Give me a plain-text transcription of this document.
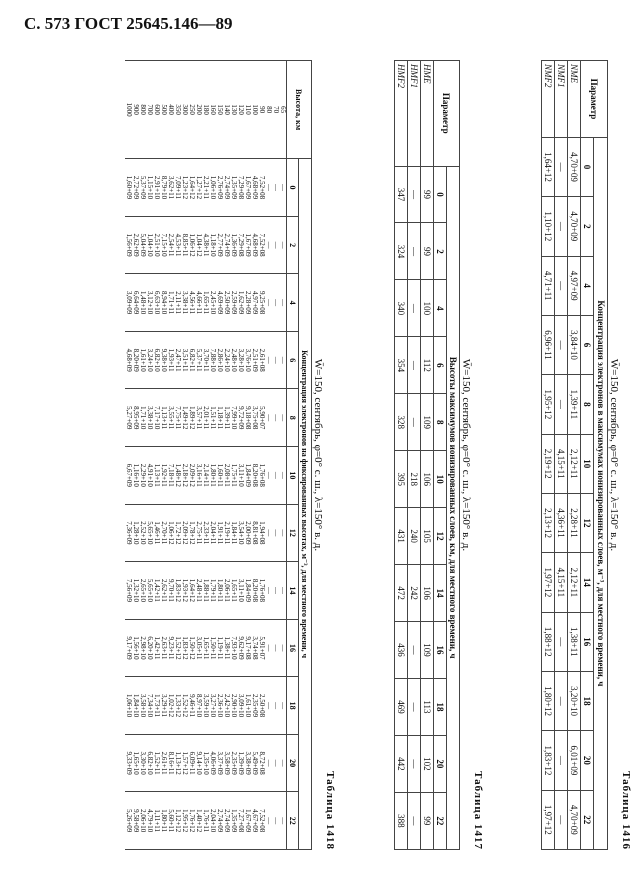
С. 573 ГОСТ 25645.146—89
Таблица 1416
W̄=150, сентябрь, φ=0° с. ш., λ=150° в. д.
Параметр	Концентрация электронов в максимумах ионизированных слоев, м⁻³, для местного времени, ч											
	0	2	4	6	8	10	12	14	16	18	20	22
NME	4,70+09	4,70+09	4,97+09	3,84+10	1,39+11	2,12+11	2,28+11	2,12+11	1,38+11	3,20+10	6,01+09	4,70+09
NMF1	—	—	—	—	—	4,15+11	4,36+11	4,15+11	—	—	—	—
NMF2	1,64+12	1,10+12	4,71+11	6,96+11	1,95+12	2,19+12	2,13+12	1,97+12	1,88+12	1,80+12	1,83+12	1,97+12
Таблица 1417
W̄=150, сентябрь, φ=0° с. ш., λ=150° в. д.
Параметр	Высоты максимумов ионизированных слоев, км, для местного времени, ч											
	0	2	4	6	8	10	12	14	16	18	20	22
HME	99	99	100	112	109	106	105	106	109	113	102	99
HMF1	—	—	—	—	—	218	240	242	—	—	—	—
HMF2	347	324	340	354	328	395	431	472	436	469	442	388
Таблица 1418
W̄=150, сентябрь, φ=0° с. ш., λ=150° в. д.
Высота, км	Концентрация электронов на фиксированных высотах, м⁻³, для местного времени, ч											
	0	2	4	6	8	10	12	14	16	18	20	22
65	—	—	—	—	—	—	—	—	—	—	—	—
70	—	—	—	—	—	—	—	—	—	—	—	—
80	—	—	—	—	—	—	—	—	—	—	—	—
90	7,52+08	7,52+08	9,25+08	2,61+08	5,90+07	1,76+08	1,94+08	1,76+08	5,91+07	2,50+08	8,72+08	7,52+08
100	4,68+09	4,68+09	4,97+09	2,51+09	3,75+08	8,20+08	8,81+08	8,20+08	3,74+08	2,35+09	5,49+09	4,67+09
110	1,67+09	1,67+09	2,28+09	3,76+10	9,18+08	1,84+09	2,00+09	1,84+09	9,17+08	1,61+10	3,38+09	1,67+09
120	7,29+08	7,29+08	1,62+09	3,28+10	9,72+09	3,11+10	3,54+10	3,11+10	9,62+09	3,09+10	1,39+09	7,27+08
130	1,35+09	1,36+09	2,59+09	2,48+10	7,99+10	1,75+11	1,84+11	1,65+11	7,93+10	2,90+10	2,35+09	1,35+09
140	2,74+09	2,74+09	2,50+09	2,24+10	1,39+11	2,08+11	2,19+11	2,06+11	1,38+11	2,42+10	3,58+09	2,74+09
150	2,76+09	2,77+09	4,69+09	2,86+10	1,18+11	1,60+11	1,91+11	1,80+11	1,19+11	2,36+10	3,37+09	2,74+09
160	1,06+10	1,18+10	2,45+10	7,88+10	1,51+11	1,80+11	2,04+11	1,79+11	1,50+11	3,27+10	4,06+09	2,04+10
180	2,21+11	4,38+11	1,65+11	3,70+11	2,01+11	2,14+11	2,33+11	1,88+11	1,65+11	3,59+10	1,35+10	1,76+11
200	1,27+12	1,04+12	4,66+11	5,37+11	3,57+11	3,16+11	2,75+11	2,48+11	3,05+11	8,97+10	9,14+10	1,40+12
250	1,64+12	1,06+12	4,56+11	6,82+11	1,89+12	2,09+12	1,78+12	1,64+12	1,50+12	9,46+11	6,09+11	1,76+12
300	1,23+12	8,85+11	3,38+11	3,51+11	1,49+12	2,18+12	2,09+12	1,93+12	1,83+12	1,52+12	1,57+12	1,95+12
350	7,09+11	4,53+11	2,11+11	2,47+11	7,75+11	1,48+12	1,72+12	1,83+12	1,52+12	1,33+12	1,13+12	1,12+12
400	3,62+11	2,54+11	1,71+11	1,93+11	3,55+11	7,18+11	1,06+12	9,70+11	9,23+11	1,02+12	8,16+11	5,60+11
500	8,79+10	7,15+10	8,94+10	9,38+10	1,13+11	1,92+11	2,70+11	2,62+11	2,63+11	3,29+11	2,61+11	1,80+11
600	2,91+10	2,51+10	6,63+10	6,82+10	7,17+10	1,13+11	1,46+11	1,42+11	1,42+11	1,73+11	1,52+11	1,11+11
700	1,15+10	1,04+10	3,12+10	3,24+10	3,38+10	4,91+10	5,65+10	5,65+10	6,20+10	7,34+10	6,82+10	4,79+10
800	5,37+09	5,04+09	1,48+10	1,61+10	1,71+10	2,29+10	2,52+10	2,65+10	2,98+10	3,58+10	3,30+10	2,06+10
900	2,72+09	2,62+09	6,64+09	8,20+09	8,95+09	1,16+10	1,28+10	1,32+10	1,56+10	1,84+10	1,65+10	9,58+09
1000	1,60+09	1,56+09	3,09+09	4,68+09	5,27+09	6,67+09	7,36+09	7,56+09	9,17+09	1,06+10	9,33+09	5,26+09
